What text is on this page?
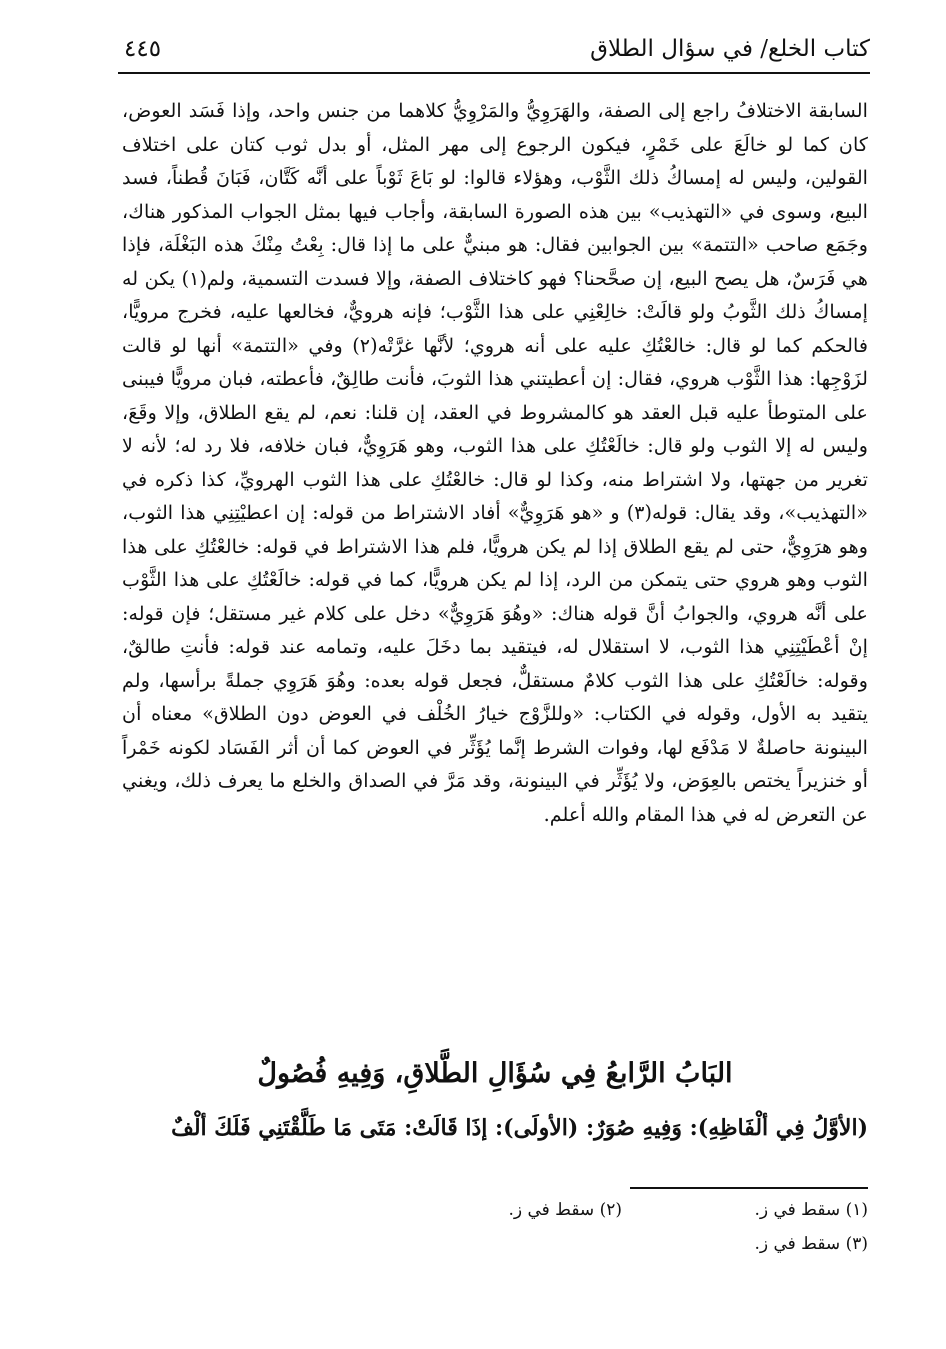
كتاب الخلع/ في سؤال الطلاق
٤٤٥

السابقة الاختلافُ راجع إلى الصفة، والهَرَوِيُّ والمَرْوِيُّ كلاهما من جنس واحد، وإذا فَسَد العوض، كان كما لو خالَعَ على خَمْرٍ، فيكون الرجوع إلى مهر المثل، أو بدل ثوب كتان على اختلاف القولين، وليس له إمساكُ ذلك الثَّوْب، وهؤلاء قالوا: لو بَاعَ ثَوْباً على أنَّه كَتَّان، فَبَانَ قُطناً، فسد البيع، وسوى في «التهذيب» بين هذه الصورة السابقة، وأجاب فيها بمثل الجواب المذكور هناك، وجَمَع صاحب «التتمة» بين الجوابين فقال: هو مبنيٌّ على ما إذا قال: بِعْتُ مِنْكَ هذه البَغْلَة، فإذا هي فَرَسٌ، هل يصح البيع، إن صحَّحنا؟ فهو كاختلاف الصفة، وإلا فسدت التسمية، ولم(١) يكن له إمساكُ ذلك الثَّوبُ ولو قالَتْ: خالِعْنِي على هذا الثَّوْب؛ فإنه هرويٌّ، فخالعها عليه، فخرج مرويًّا، فالحكم كما لو قال: خالعْتُكِ عليه على أنه هروي؛ لأنَّها غرَّتْه(٢) وفي «التتمة» أنها لو قالت لزَوْجِها: هذا الثَّوْب هروي، فقال: إن أعطيتني هذا الثوبَ، فأنت طالِقٌ، فأعطته، فبان مرويًّا فيبنى على المتوطأ عليه قبل العقد هو كالمشروط في العقد، إن قلنا: نعم، لم يقع الطلاق، وإلا وقَعَ، وليس له إلا الثوب ولو قال: خالَعْتُكِ على هذا الثوب، وهو هَرَوِيٌّ، فبان خلافه، فلا رد له؛ لأنه لا تغرير من جهتها، ولا اشتراط منه، وكذا لو قال: خالعْتُكِ على هذا الثوب الهرويِّ، كذا ذكره في «التهذيب»، وقد يقال: قوله(٣) و «هو هَرَوِيٌّ» أفاد الاشتراط من قوله: إن اعطيْتِنِي هذا الثوب، وهو هرَوِيٌّ، حتى لم يقع الطلاق إذا لم يكن هرويًّا، فلم هذا الاشتراط في قوله: خالعْتُكِ على هذا الثوب وهو هروي حتى يتمكن من الرد، إذا لم يكن هرويًّا، كما في قوله: خالَعْتُكِ على هذا الثَّوْب على أنَّه هروي، والجوابُ أنَّ قوله هناك: «وهُوَ هَرَوِيٌّ» دخل على كلام غير مستقل؛ فإن قوله: إنْ أعْطَيْتِنِي هذا الثوب، لا استقلال له، فيتقيد بما دخَلَ عليه، وتمامه عند قوله: فأنتِ طالقٌ، وقوله: خالَعْتُكِ على هذا الثوب كلامٌ مستقلٌّ، فجعل قوله بعده: وهُوَ هَرَوِي جملةً برأسها، ولم يتقيد به الأول، وقوله في الكتاب: «وللزَّوْج خيارُ الخُلْف في العوض دون الطلاق» معناه أن البينونة حاصلةٌ لا مَدْفَع لها، وفوات الشرط إنَّما يُؤَثِّر في العوض كما أن أثر الفَسَاد لكونه خَمْراً أو خنزيراً يختص بالعِوَض، ولا يُؤَثِّر في البينونة، وقد مَرَّ في الصداق والخلع ما يعرف ذلك، ويغني عن التعرض له في هذا المقام والله أعلم.

البَابُ الرَّابعُ فِي سُؤَالِ الطَّلاقِ، وَفِيهِ فُصُولٌ
(الأوَّلُ فِي ألْفَاظِهِ): وَفِيهِ صُوَرٌ: (الأولَى): إذَا قَالَتْ: مَتَى مَا طَلَّقْتَنِي فَلَكَ ألْفٌ
(١) سقط في ز.
(٢) سقط في ز.
(٣) سقط في ز.
